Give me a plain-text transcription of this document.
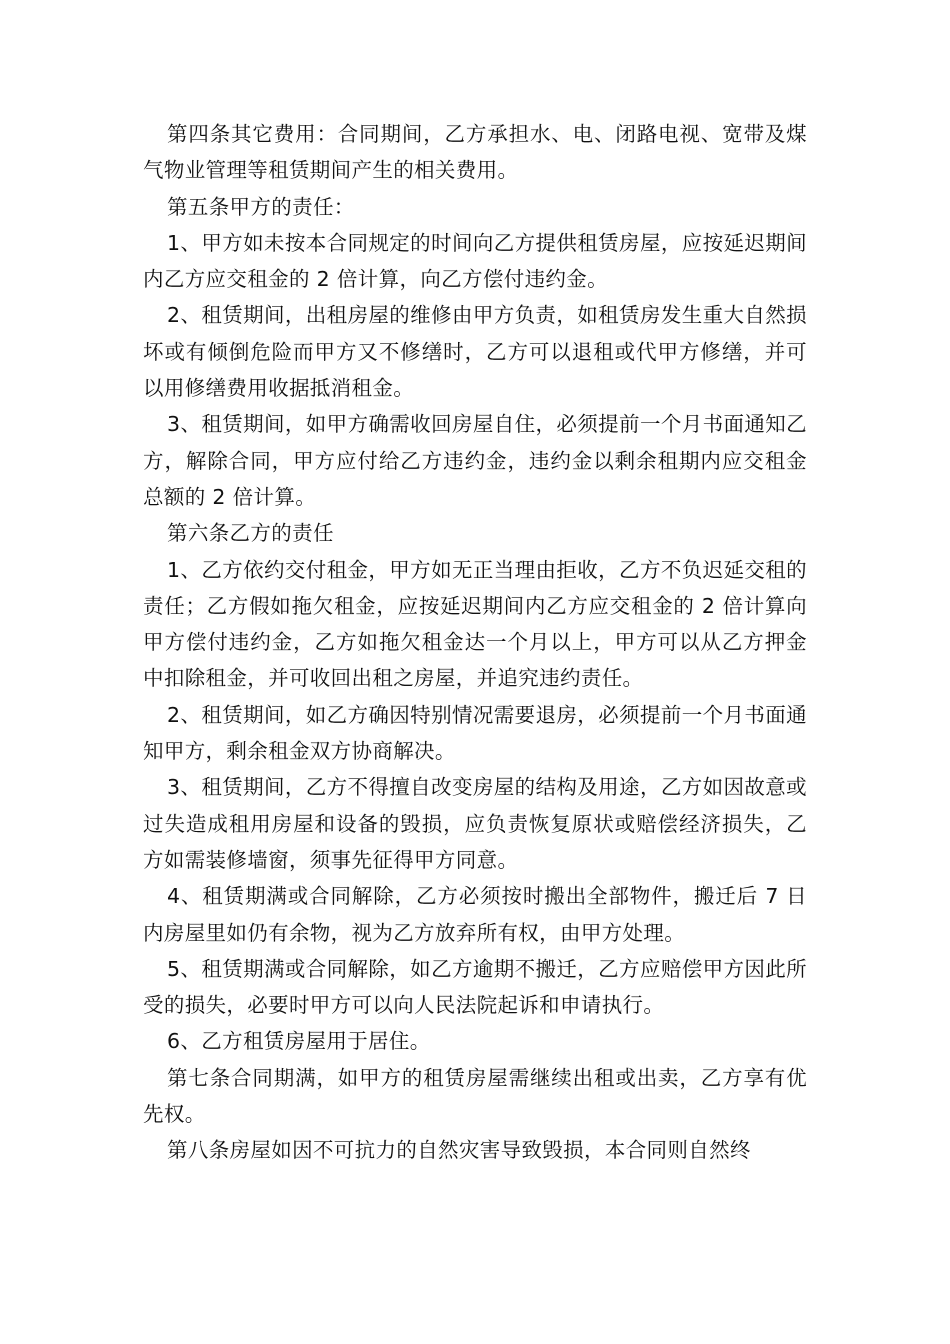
第四条其它费用：合同期间，乙方承担水、电、闭路电视、宽带及煤气物业管理等租赁期间产生的相关费用。

第五条甲方的责任：

1、甲方如未按本合同规定的时间向乙方提供租赁房屋，应按延迟期间内乙方应交租金的 2 倍计算，向乙方偿付违约金。

2、租赁期间，出租房屋的维修由甲方负责，如租赁房发生重大自然损坏或有倾倒危险而甲方又不修缮时，乙方可以退租或代甲方修缮，并可以用修缮费用收据抵消租金。

3、租赁期间，如甲方确需收回房屋自住，必须提前一个月书面通知乙方，解除合同，甲方应付给乙方违约金，违约金以剩余租期内应交租金总额的 2 倍计算。

第六条乙方的责任

1、乙方依约交付租金，甲方如无正当理由拒收，乙方不负迟延交租的责任；乙方假如拖欠租金，应按延迟期间内乙方应交租金的 2 倍计算向甲方偿付违约金，乙方如拖欠租金达一个月以上，甲方可以从乙方押金中扣除租金，并可收回出租之房屋，并追究违约责任。

2、租赁期间，如乙方确因特别情况需要退房，必须提前一个月书面通知甲方，剩余租金双方协商解决。

3、租赁期间，乙方不得擅自改变房屋的结构及用途，乙方如因故意或过失造成租用房屋和设备的毁损，应负责恢复原状或赔偿经济损失，乙方如需装修墙窗，须事先征得甲方同意。

4、租赁期满或合同解除，乙方必须按时搬出全部物件，搬迁后 7 日内房屋里如仍有余物，视为乙方放弃所有权，由甲方处理。

5、租赁期满或合同解除，如乙方逾期不搬迁，乙方应赔偿甲方因此所受的损失，必要时甲方可以向人民法院起诉和申请执行。

6、乙方租赁房屋用于居住。

第七条合同期满，如甲方的租赁房屋需继续出租或出卖，乙方享有优先权。

第八条房屋如因不可抗力的自然灾害导致毁损，本合同则自然终
